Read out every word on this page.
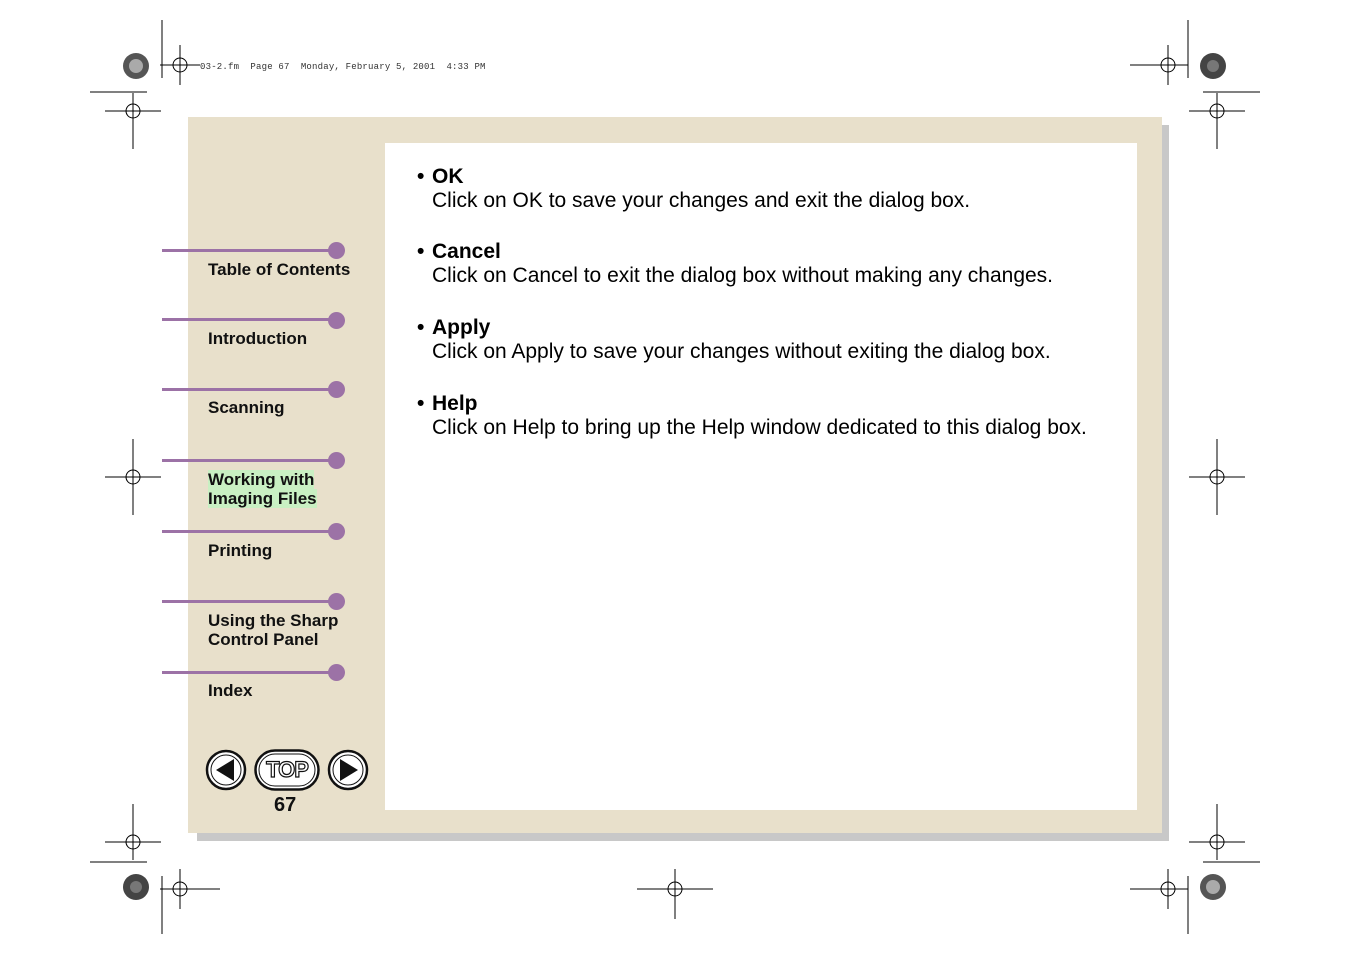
03-2.fm  Page 67  Monday, February 5, 2001  4:33 PM
Table of Contents
Introduction
Scanning
Working with
Imaging Files
Printing
Using the Sharp
Control Panel
Index
TOP
67
• OK
Click on OK to save your changes and exit the dialog box.
• Cancel
Click on Cancel to exit the dialog box without making any changes.
• Apply
Click on Apply to save your changes without exiting the dialog box.
• Help
Click on Help to bring up the Help window dedicated to this dialog box.
